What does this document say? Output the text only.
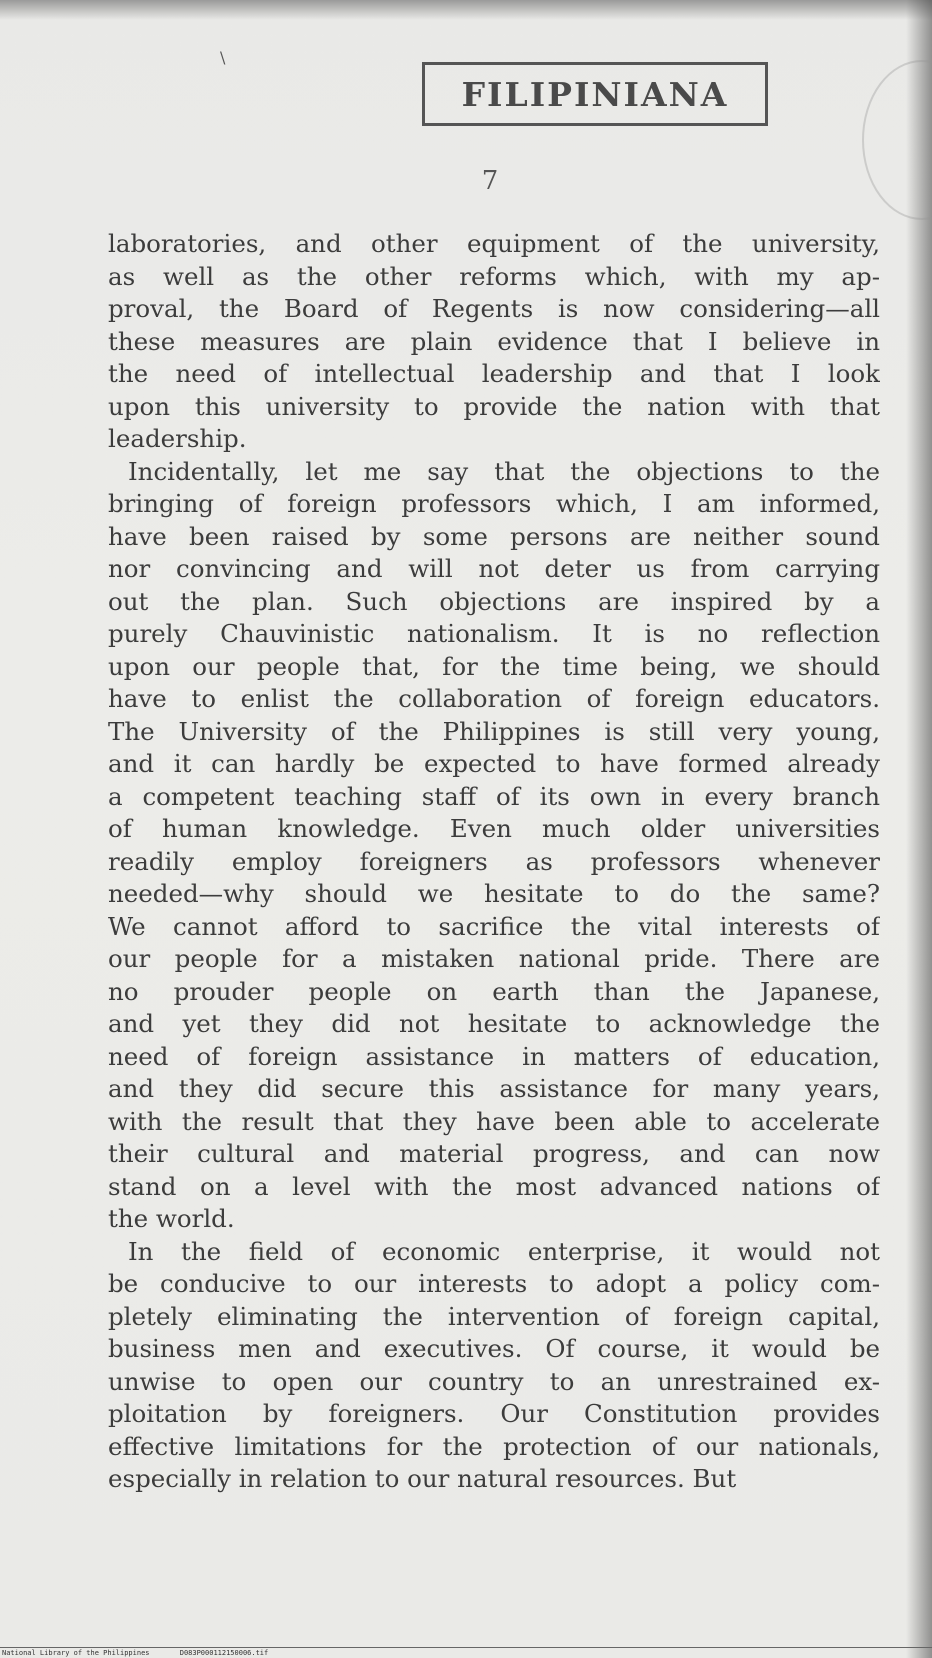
\
FILIPINIANA
7
laboratories, and other equipment of the university,
as well as the other reforms which, with my ap-
proval, the Board of Regents is now considering—all
these measures are plain evidence that I believe in
the need of intellectual leadership and that I look
upon this university to provide the nation with that
leadership.
Incidentally, let me say that the objections to the
bringing of foreign professors which, I am informed,
have been raised by some persons are neither sound
nor convincing and will not deter us from carrying
out the plan. Such objections are inspired by a
purely Chauvinistic nationalism. It is no reflection
upon our people that, for the time being, we should
have to enlist the collaboration of foreign educators.
The University of the Philippines is still very young,
and it can hardly be expected to have formed already
a competent teaching staff of its own in every branch
of human knowledge. Even much older universities
readily employ foreigners as professors whenever
needed—why should we hesitate to do the same?
We cannot afford to sacrifice the vital interests of
our people for a mistaken national pride. There are
no prouder people on earth than the Japanese,
and yet they did not hesitate to acknowledge the
need of foreign assistance in matters of education,
and they did secure this assistance for many years,
with the result that they have been able to accelerate
their cultural and material progress, and can now
stand on a level with the most advanced nations of
the world.
In the field of economic enterprise, it would not
be conducive to our interests to adopt a policy com-
pletely eliminating the intervention of foreign capital,
business men and executives. Of course, it would be
unwise to open our country to an unrestrained ex-
ploitation by foreigners. Our Constitution provides
effective limitations for the protection of our nationals,
especially in relation to our natural resources. But
National Library of the Philippines	D083P000112150006.tif
